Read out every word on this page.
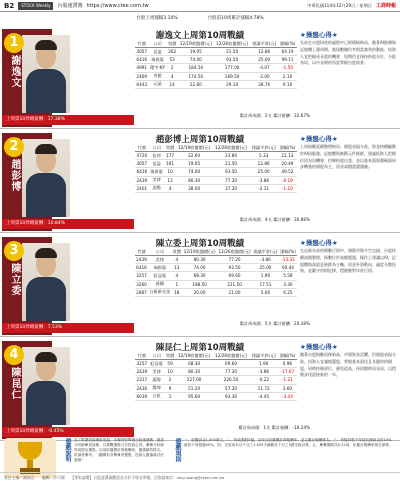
B2	STOCK Weekly	台股速湧賽 https://www.ctee.com.tw	中華民國114年12月29日／星期日 工商時報
台股上周漲幅3.10%	台股前10周累計漲幅4.78%
1
謝逸文
上周第10周總報酬：17.38%
謝逸文上周第10周戰績
代號	公司	買價	12/19收盤價(元)	12/26收盤價(元)	建議平倉(元)	漲幅(%)
3057	昆盈	262	19.05	21.50	12.86	64.19
6416	瑞祺電	53	74.00	93.50	25.00	99.11
4991	環宇-KY	2	184.50	177.00	-4.07	-1.50
2409	奇鋐	4	174.50	169.50	-2.00	2.10
6443	元晶	14	22.60	29.10	28.76	9.10
累計周成績：2支 累計報酬：32.67%
★操盤心得★
先前在台股探底的過程中已經積極佈局，隨著AI熱潮與記憶體上漲周期，集保數據仍有相當強勁的動能，投資人宜把握成長股的機會，短期仍宜保持持股水位，分批布局，以中長期的角度掌握台股前景。
2
趙彭博
上周第10周總報酬：10.84%
趙彭博上周第10周戰績
代號	公司	買價	12/19收盤價(元)	12/26收盤價(元)	建議平倉(元)	漲幅(%)
4720	佳邦	177	22.60	23.80	5.33	22.13
3057	昆盈	161	19.05	21.50	12.86	20.49
6416	瑞祺電	10	74.00	93.50	25.00	49.52
2439	美律	12	80.30	77.20	-3.86	-0.19
2401	凌陽	4	38.00	37.20	-2.11	-1.10
累計周成績：4支 累計報酬：30.86%
★操盤心得★
上周指數延續整理格局，個股表現分歧，資金持續輪動於AI伺服器、記憶體與被動元件族群，建議投資人把握拉回布局機會，控制持股比重，並以基本面與籌碼面同步轉強的個股為主，留意高檔震盪風險。
3
陳立委
上周第10周總報酬：7.53%
陳立委上周第10周戰績
代號	公司	買價	12/19收盤價(元)	12/26收盤價(元)	建議平倉(元)	漲幅(%)
2439	美律	4	80.30	77.20	-3.86	-13.33
6416	瑞祺電	13	74.00	93.50	25.00	60.44
3257	虹冠電	4	68.30	69.60	1.90	5.58
3260	威剛	1	188.50	221.50	17.51	3.30
2887	台新新光金	18	20.00	21.00	5.00	6.25
累計周成績：5支 累計報酬：20.38%
★操盤心得★
在這新年前的倒數行情中，國際市場多空交錯，台股持續高檔整理，指數位於高檔震盪，操作上建議以AI、記憶體與高股息族群為主軸，留意外資動向，適度分散投資，並嚴守停損紀律，穩健應對年底行情。
4
陳昆仁
上周第10周總報酬：-0.45%
陳昆仁上周第10周戰績
代號	公司	買價	12/19收盤價(元)	12/26收盤價(元)	建議平倉(元)	漲幅(%)
3257	虹冠電	59	68.30	69.60	1.90	0.96
2439	美律	10	80.30	77.20	-3.86	-17.67
2317	鴻海	2	227.00	226.50	-0.22	-1.21
2430	燦坤	9	51.20	57.20	11.72	3.60
6039	台虹	1	95.60	93.30	-4.45	-3.43
累計周成績：1支 累計報酬：-18.24%
★操盤心得★
隨著台股指數再創新高，市場資金活躍，但個股表現分歧，投資人宜謹慎選股，掌握基本面佳且具題材的個股，同時控制部位，避免追高，待回檔時再布局，以穩健步伐迎接新的一年。
遊戲說明 為了推廣投資理財風氣，本報特別舉辦台股速湧賽，邀請分析師參加周賽，以實戰選股分享投資心得。參賽分析師每周提出選股，以周收盤價計算報酬率，累積績效排名，供讀者參考。（觀賽但非參賽者選股，投資人應審慎評估風險）	遊戲規則 一、虛擬資金1,000萬元。二、每周選股5檔，以周五收盤價計算報酬率，並以累計報酬排名。三、每檔持股不得低於總資金的10%，最高不得超過40%。四、交易成本以千分之1.425手續費及千分之3證交稅計算。五、參賽期間共計12周，依累計報酬率排名頒獎。
責任主編／謝沛宜　　編輯／許可穎　　【專家論壇】台股速湧賽歡迎各方好手報名參賽，洽詢請來信：shuji.wang@ctee.com.tw
